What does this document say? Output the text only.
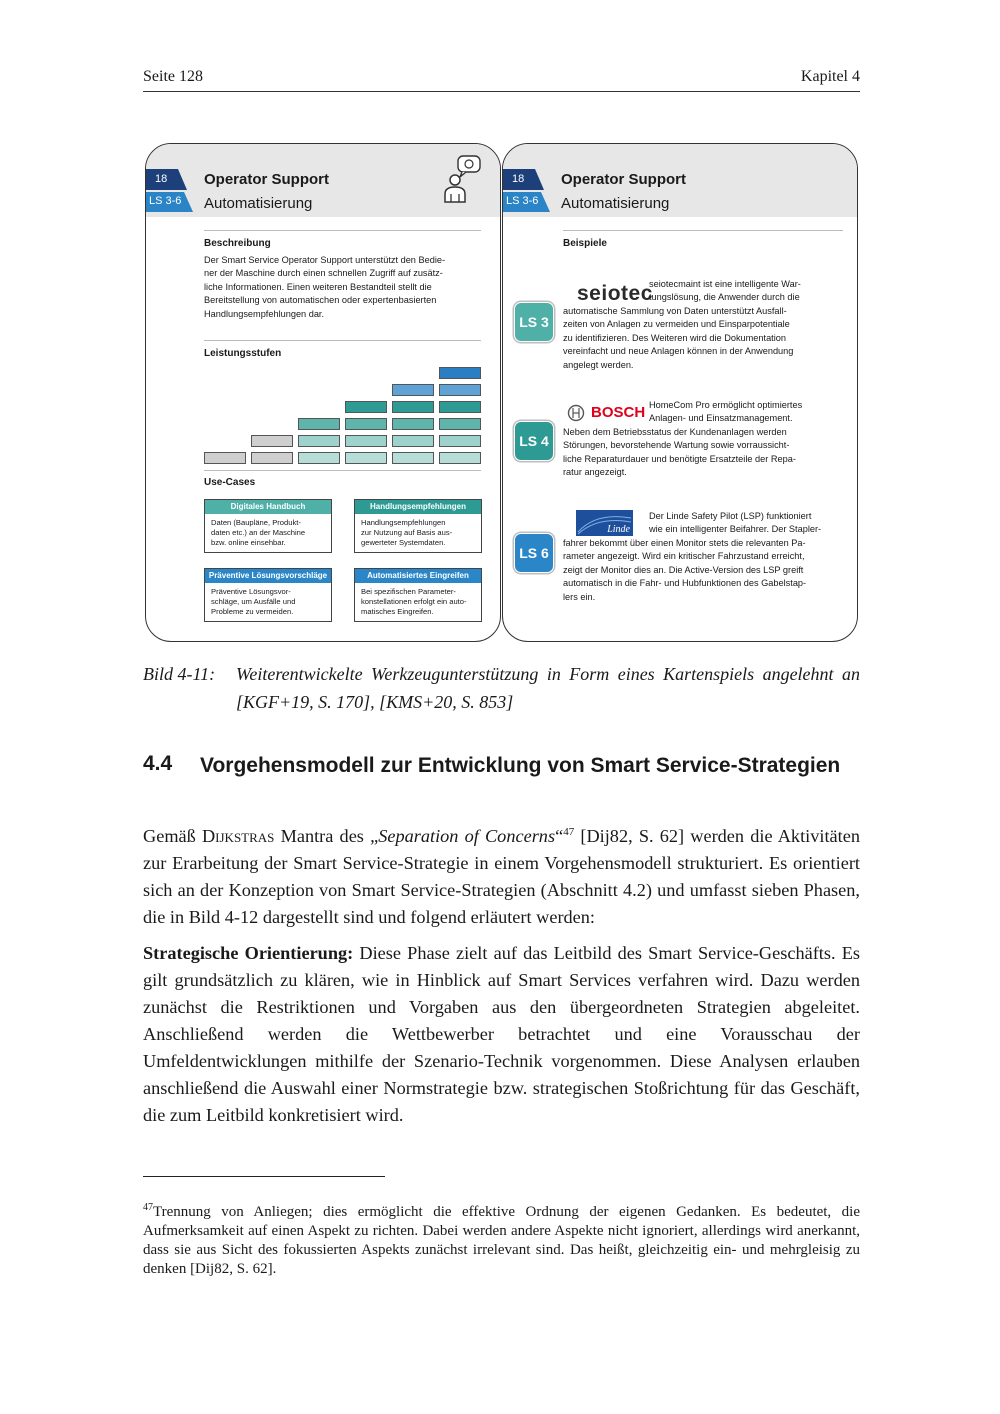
Seite 128	Kapitel 4
18
LS 3-6
Operator Support
Automatisierung
Beschreibung
Der Smart Service Operator Support unterstützt den Bedie-
ner der Maschine durch einen schnellen Zugriff auf zusätz-
liche Informationen. Einen weiteren Bestandteil stellt die
Bereitstellung von automatischen oder expertenbasierten
Handlungsempfehlungen dar.
Leistungsstufen
Use-Cases
Digitales Handbuch
Daten (Baupläne, Produkt-
daten etc.) an der Maschine
bzw. online einsehbar.
Handlungsempfehlungen
Handlungsempfehlungen
zur Nutzung auf Basis aus-
gewerteter Systemdaten.
Präventive Lösungsvorschläge
Präventive Lösungsvor-
schläge, um Ausfälle und
Probleme zu vermeiden.
Automatisiertes Eingreifen
Bei spezifischen Parameter-
konstellationen erfolgt ein auto-
matisches Eingreifen.
18
LS 3-6
Operator Support
Automatisierung
Beispiele
LS 3
seiotec
seiotecmaint ist eine intelligente War-
tungslösung, die Anwender durch die
automatische Sammlung von Daten unterstützt Ausfall-
zeiten von Anlagen zu vermeiden und Einsparpotentiale
zu identifizieren. Des Weiteren wird die Dokumentation
vereinfacht und neue Anlagen können in der Anwendung
angelegt werden.
LS 4
BOSCH HomeCom Pro ermöglicht optimiertes
Anlagen- und Einsatzmanagement.
Neben dem Betriebsstatus der Kundenanlagen werden
Störungen, bevorstehende Wartung sowie vorraussicht-
liche Reparaturdauer und benötigte Ersatzteile der Repa-
ratur angezeigt.
LS 6
Linde
Der Linde Safety Pilot (LSP) funktioniert
wie ein intelligenter Beifahrer. Der Stapler-
fahrer bekommt über einen Monitor stets die relevanten Pa-
rameter angezeigt. Wird ein kritischer Fahrzustand erreicht,
zeigt der Monitor dies an. Die Active-Version des LSP greift
automatisch in die Fahr- und Hubfunktionen des Gabelstap-
lers ein.
Bild 4-11: Weiterentwickelte Werkzeugunterstützung in Form eines Kartenspiels angelehnt an [KGF+19, S. 170], [KMS+20, S. 853]
4.4 Vorgehensmodell zur Entwicklung von Smart Service-Strategien
Gemäß Dijkstras Mantra des „Separation of Concerns“$^{47}$ [Dij82, S. 62] werden die Aktivitäten zur Erarbeitung der Smart Service-Strategie in einem Vorgehensmodell strukturiert. Es orientiert sich an der Konzeption von Smart Service-Strategien (Abschnitt 4.2) und umfasst sieben Phasen, die in Bild 4-12 dargestellt sind und folgend erläutert werden:
Strategische Orientierung: Diese Phase zielt auf das Leitbild des Smart Service-Geschäfts. Es gilt grundsätzlich zu klären, wie in Hinblick auf Smart Services verfahren wird. Dazu werden zunächst die Restriktionen und Vorgaben aus den übergeordneten Strategien abgeleitet. Anschließend werden die Wettbewerber betrachtet und eine Vorausschau der Umfeldentwicklungen mithilfe der Szenario-Technik vorgenommen. Diese Analysen erlauben anschließend die Auswahl einer Normstrategie bzw. strategischen Stoßrichtung für das Geschäft, die zum Leitbild konkretisiert wird.
$^{47}$Trennung von Anliegen; dies ermöglicht die effektive Ordnung der eigenen Gedanken. Es bedeutet, die Aufmerksamkeit auf einen Aspekt zu richten. Dabei werden andere Aspekte nicht ignoriert, allerdings wird anerkannt, dass sie aus Sicht des fokussierten Aspekts zunächst irrelevant sind. Das heißt, gleichzeitig ein- und mehrgleisig zu denken [Dij82, S. 62].
